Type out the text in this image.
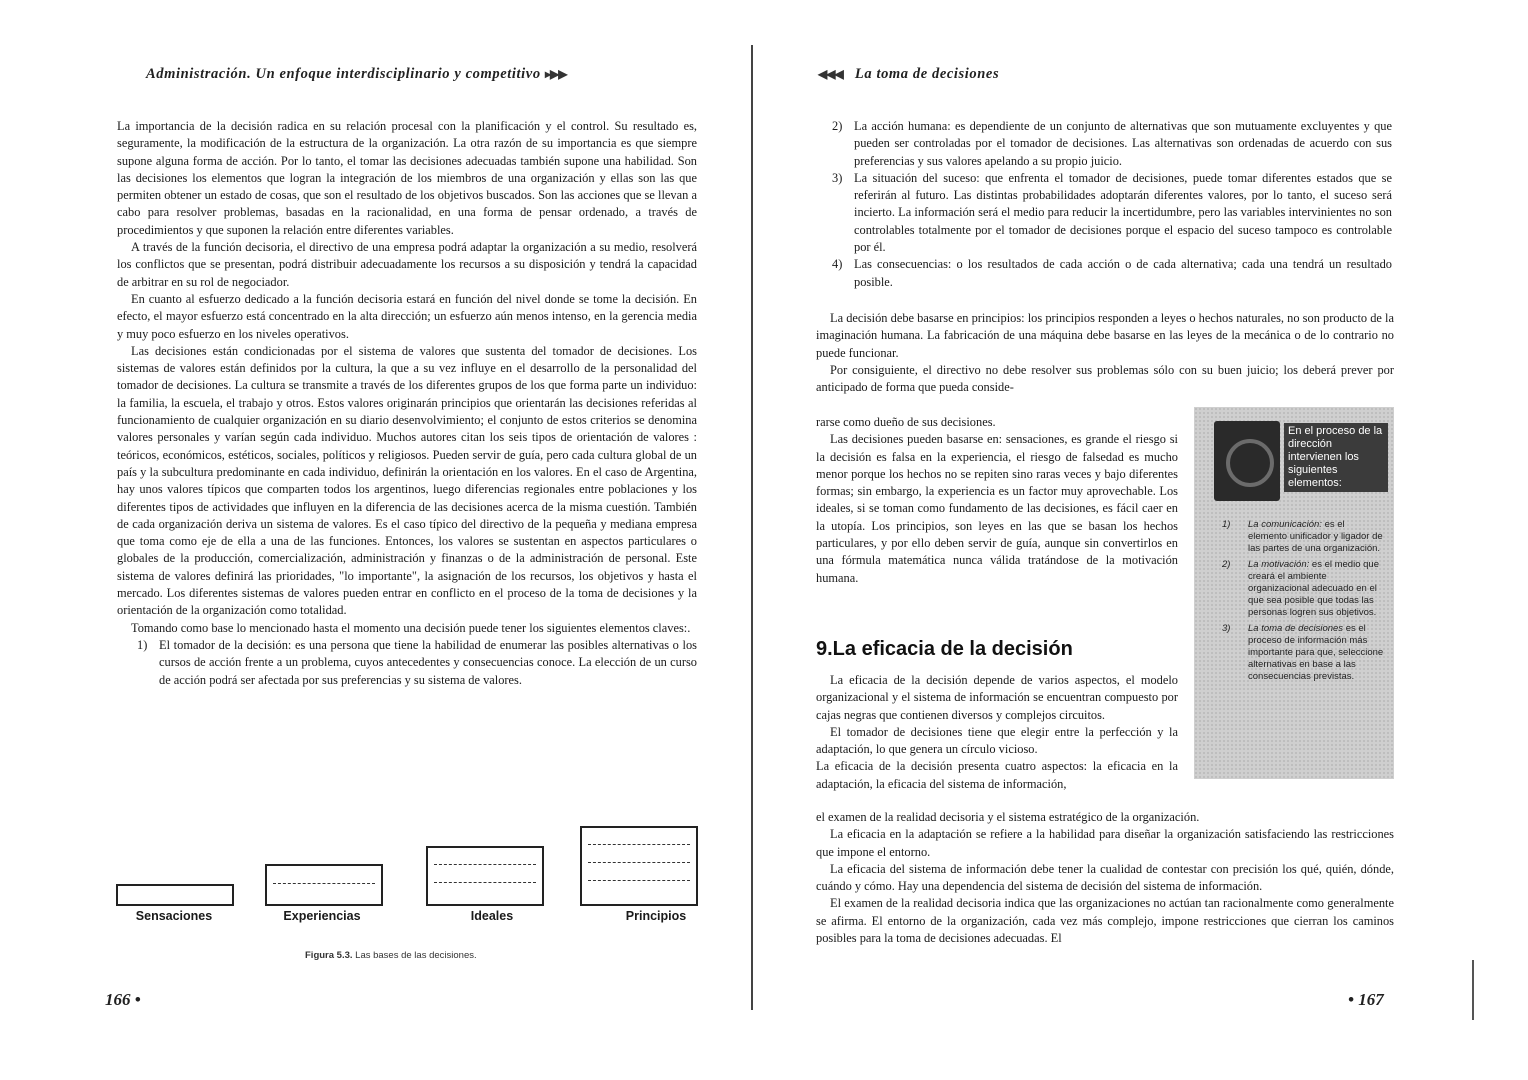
Administración. Un enfoque interdisciplinario y competitivo ▸▶▶

La importancia de la decisión radica en su relación procesal con la planificación y el control. Su resultado es, seguramente, la modificación de la estructura de la organización. La otra razón de su importancia es que siempre supone alguna forma de acción. Por lo tanto, el tomar las decisiones adecuadas también supone una habilidad. Son las decisiones los elementos que logran la integración de los miembros de una organización y ellas son las que permiten obtener un estado de cosas, que son el resultado de los objetivos buscados. Son las acciones que se llevan a cabo para resolver problemas, basadas en la racionalidad, en una forma de pensar ordenado, a través de procedimientos y que suponen la relación entre diferentes variables.

A través de la función decisoria, el directivo de una empresa podrá adaptar la organización a su medio, resolverá los conflictos que se presentan, podrá distribuir adecuadamente los recursos a su disposición y tendrá la capacidad de arbitrar en su rol de negociador.

En cuanto al esfuerzo dedicado a la función decisoria estará en función del nivel donde se tome la decisión. En efecto, el mayor esfuerzo está concentrado en la alta dirección; un esfuerzo aún menos intenso, en la gerencia media y muy poco esfuerzo en los niveles operativos.

Las decisiones están condicionadas por el sistema de valores que sustenta del tomador de decisiones. Los sistemas de valores están definidos por la cultura, la que a su vez influye en el desarrollo de la personalidad del tomador de decisiones. La cultura se transmite a través de los diferentes grupos de los que forma parte un individuo: la familia, la escuela, el trabajo y otros. Estos valores originarán principios que orientarán las decisiones referidas al funcionamiento de cualquier organización en su diario desenvolvimiento; el conjunto de estos criterios se denomina valores personales y varían según cada individuo. Muchos autores citan los seis tipos de orientación de valores : teóricos, económicos, estéticos, sociales, políticos y religiosos. Pueden servir de guía, pero cada cultura global de un país y la subcultura predominante en cada individuo, definirán la orientación en los valores. En el caso de Argentina, hay unos valores típicos que comparten todos los argentinos, luego diferencias regionales entre poblaciones y los diferentes tipos de actividades que influyen en la diferencia de las decisiones acerca de la misma cuestión. También de cada organización deriva un sistema de valores. Es el caso típico del directivo de la pequeña y mediana empresa que toma como eje de ella a una de las funciones. Entonces, los valores se sustentan en aspectos particulares o globales de la producción, comercialización, administración y finanzas o de la administración de personal. Este sistema de valores definirá las prioridades, "lo importante", la asignación de los recursos, los objetivos y hasta el mercado. Los diferentes sistemas de valores pueden entrar en conflicto en el proceso de la toma de decisiones y la orientación de la organización como totalidad.

Tomando como base lo mencionado hasta el momento una decisión puede tener los siguientes elementos claves:.

1) El tomador de la decisión: es una persona que tiene la habilidad de enumerar las posibles alternativas o los cursos de acción frente a un problema, cuyos antecedentes y consecuencias conoce. La elección de un curso de acción podrá ser afectada por sus preferencias y su sistema de valores.
Sensaciones	Experiencias	Ideales	Principios
Figura 5.3. Las bases de las decisiones.
166 •
◀◀◀ La toma de decisiones
2) La acción humana: es dependiente de un conjunto de alternativas que son mutuamente excluyentes y que pueden ser controladas por el tomador de decisiones. Las alternativas son ordenadas de acuerdo con sus preferencias y sus valores apelando a su propio juicio.
3) La situación del suceso: que enfrenta el tomador de decisiones, puede tomar diferentes estados que se referirán al futuro. Las distintas probabilidades adoptarán diferentes valores, por lo tanto, el suceso será incierto. La información será el medio para reducir la incertidumbre, pero las variables intervinientes no son controlables totalmente por el tomador de decisiones porque el espacio del suceso tampoco es controlable por él.
4) Las consecuencias: o los resultados de cada acción o de cada alternativa; cada una tendrá un resultado posible.

La decisión debe basarse en principios: los principios responden a leyes o hechos naturales, no son producto de la imaginación humana. La fabricación de una máquina debe basarse en las leyes de la mecánica o de lo contrario no puede funcionar.

Por consiguiente, el directivo no debe resolver sus problemas sólo con su buen juicio; los deberá prever por anticipado de forma que pueda conside-

rarse como dueño de sus decisiones.

Las decisiones pueden basarse en: sensaciones, es grande el riesgo si la decisión es falsa en la experiencia, el riesgo de falsedad es mucho menor porque los hechos no se repiten sino raras veces y bajo diferentes formas; sin embargo, la experiencia es un factor muy aprovechable. Los ideales, si se toman como fundamento de las decisiones, es fácil caer en la utopía. Los principios, son leyes en las que se basan los hechos particulares, y por ello deben servir de guía, aunque sin convertirlos en una fórmula matemática nunca válida tratándose de la motivación humana.

9.La eficacia de la decisión

La eficacia de la decisión depende de varios aspectos, el modelo organizacional y el sistema de información se encuentran compuesto por cajas negras que contienen diversos y complejos circuitos.

El tomador de decisiones tiene que elegir entre la perfección y la adaptación, lo que genera un círculo vicioso.

La eficacia de la decisión presenta cuatro aspectos: la eficacia en la adaptación, la eficacia del sistema de información,

el examen de la realidad decisoria y el sistema estratégico de la organización.

La eficacia en la adaptación se refiere a la habilidad para diseñar la organización satisfaciendo las restricciones que impone el entorno.

La eficacia del sistema de información debe tener la cualidad de contestar con precisión los qué, quién, dónde, cuándo y cómo. Hay una dependencia del sistema de decisión del sistema de información.

El examen de la realidad decisoria indica que las organizaciones no actúan tan racionalmente como generalmente se afirma. El entorno de la organización, cada vez más complejo, impone restricciones que cierran los caminos posibles para la toma de decisiones adecuadas. El

En el proceso de la dirección intervienen los siguientes elementos:
1)	La comunicación: es el elemento unificador y ligador de las partes de una organización.
2)	La motivación: es el medio que creará el ambiente organizacional adecuado en el que sea posible que todas las personas logren sus objetivos.
3)	La toma de decisiones es el proceso de información más importante para que, seleccione alternativas en base a las consecuencias previstas.
• 167
